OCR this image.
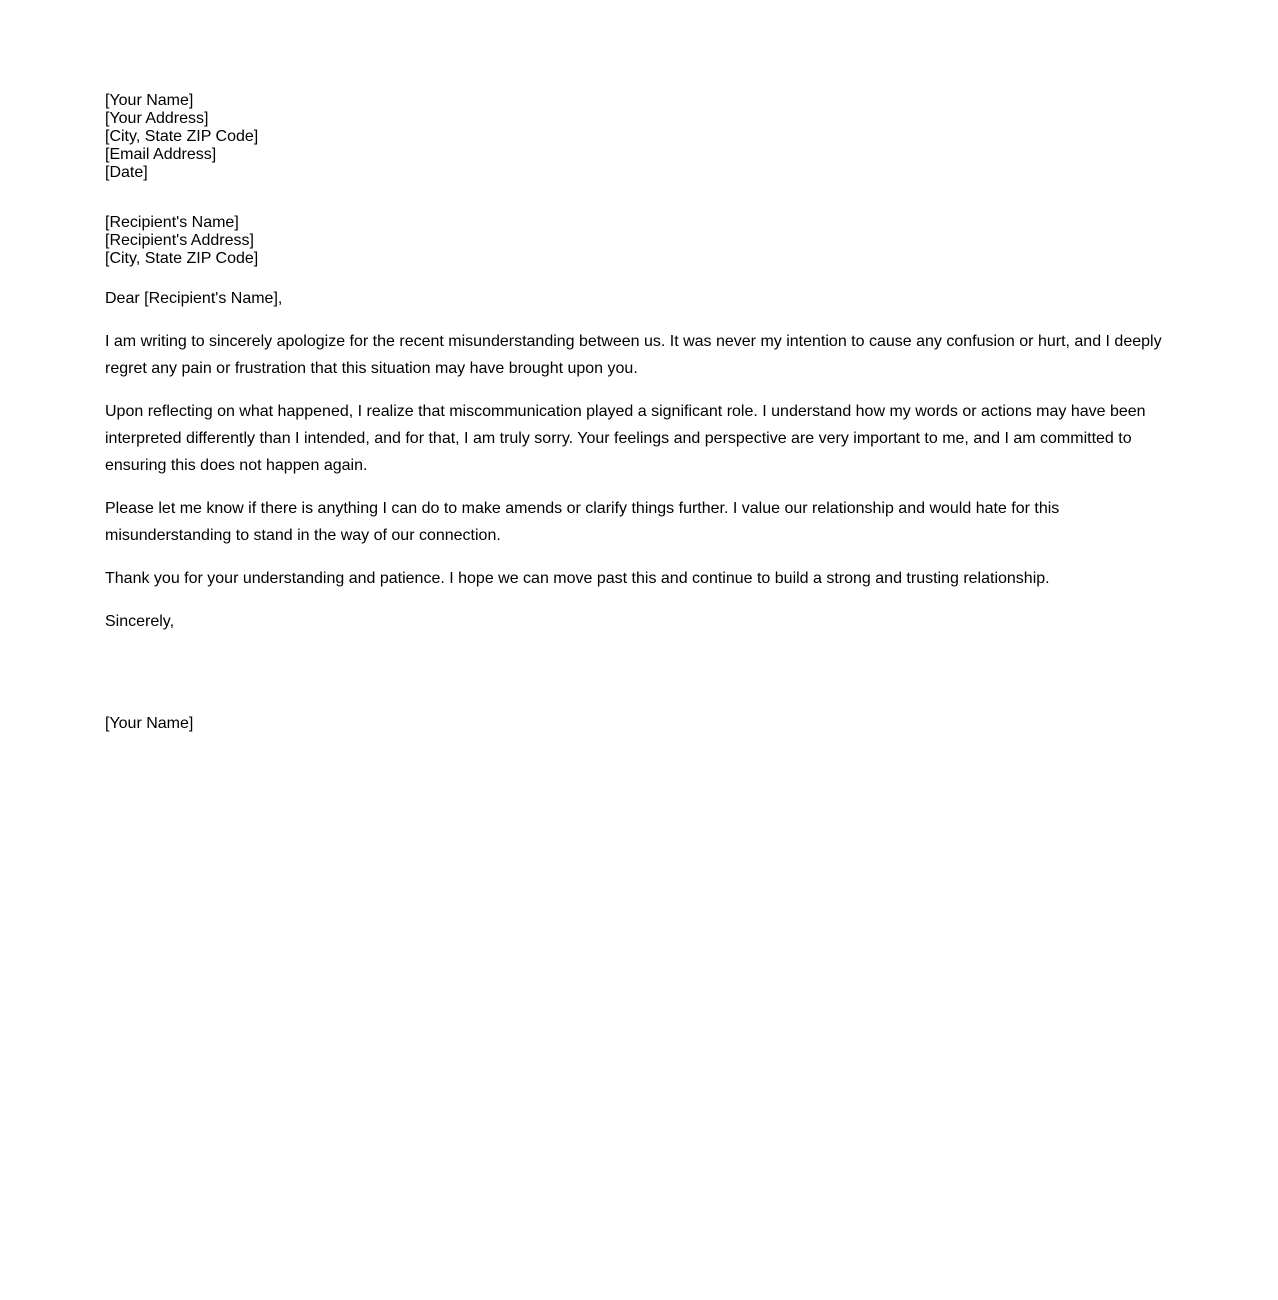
[Your Name]
[Your Address]
[City, State ZIP Code]
[Email Address]
[Date]

[Recipient's Name]
[Recipient's Address]
[City, State ZIP Code]

Dear [Recipient's Name],

I am writing to sincerely apologize for the recent misunderstanding between us. It was never my intention to cause any confusion or hurt, and I deeply regret any pain or frustration that this situation may have brought upon you.

Upon reflecting on what happened, I realize that miscommunication played a significant role. I understand how my words or actions may have been interpreted differently than I intended, and for that, I am truly sorry. Your feelings and perspective are very important to me, and I am committed to ensuring this does not happen again.

Please let me know if there is anything I can do to make amends or clarify things further. I value our relationship and would hate for this misunderstanding to stand in the way of our connection.

Thank you for your understanding and patience. I hope we can move past this and continue to build a strong and trusting relationship.

Sincerely,

[Your Name]
